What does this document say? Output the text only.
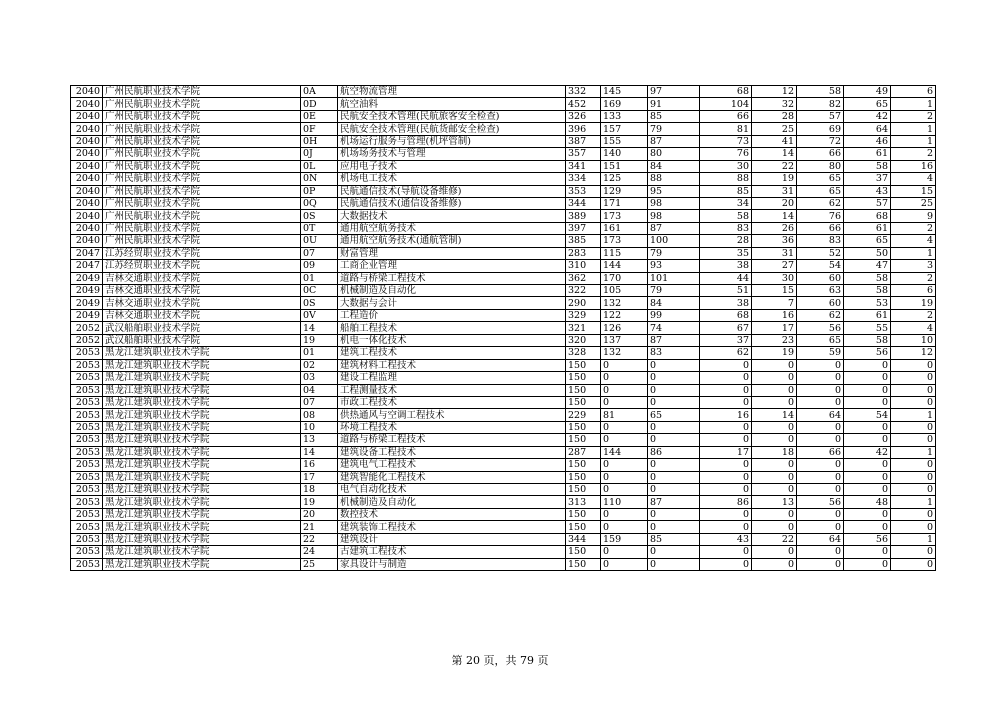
2040	广州民航职业技术学院	0A	航空物流管理	332	145	97	68	12	58	49	6
2040	广州民航职业技术学院	0D	航空油料	452	169	91	104	32	82	65	1
2040	广州民航职业技术学院	0E	民航安全技术管理(民航旅客安全检查)	326	133	85	66	28	57	42	2
2040	广州民航职业技术学院	0F	民航安全技术管理(民航货邮安全检查)	396	157	79	81	25	69	64	1
2040	广州民航职业技术学院	0H	机场运行服务与管理(机坪管制)	387	155	87	73	41	72	46	1
2040	广州民航职业技术学院	0J	机场场务技术与管理	357	140	80	76	14	66	61	2
2040	广州民航职业技术学院	0L	应用电子技术	341	151	84	30	22	80	58	16
2040	广州民航职业技术学院	0N	机场电工技术	334	125	88	88	19	65	37	4
2040	广州民航职业技术学院	0P	民航通信技术(导航设备维修)	353	129	95	85	31	65	43	15
2040	广州民航职业技术学院	0Q	民航通信技术(通信设备维修)	344	171	98	34	20	62	57	25
2040	广州民航职业技术学院	0S	大数据技术	389	173	98	58	14	76	68	9
2040	广州民航职业技术学院	0T	通用航空航务技术	397	161	87	83	26	66	61	2
2040	广州民航职业技术学院	0U	通用航空航务技术(通航管制)	385	173	100	28	36	83	65	4
2047	江苏经贸职业技术学院	07	财富管理	283	115	79	35	31	52	50	1
2047	江苏经贸职业技术学院	09	工商企业管理	310	144	93	38	27	54	47	3
2049	吉林交通职业技术学院	01	道路与桥梁工程技术	362	170	101	44	30	60	58	2
2049	吉林交通职业技术学院	0C	机械制造及自动化	322	105	79	51	15	63	58	6
2049	吉林交通职业技术学院	0S	大数据与会计	290	132	84	38	7	60	53	19
2049	吉林交通职业技术学院	0V	工程造价	329	122	99	68	16	62	61	2
2052	武汉船舶职业技术学院	14	船舶工程技术	321	126	74	67	17	56	55	4
2052	武汉船舶职业技术学院	19	机电一体化技术	320	137	87	37	23	65	58	10
2053	黑龙江建筑职业技术学院	01	建筑工程技术	328	132	83	62	19	59	56	12
2053	黑龙江建筑职业技术学院	02	建筑材料工程技术	150	0	0	0	0	0	0	0
2053	黑龙江建筑职业技术学院	03	建设工程监理	150	0	0	0	0	0	0	0
2053	黑龙江建筑职业技术学院	04	工程测量技术	150	0	0	0	0	0	0	0
2053	黑龙江建筑职业技术学院	07	市政工程技术	150	0	0	0	0	0	0	0
2053	黑龙江建筑职业技术学院	08	供热通风与空调工程技术	229	81	65	16	14	64	54	1
2053	黑龙江建筑职业技术学院	10	环境工程技术	150	0	0	0	0	0	0	0
2053	黑龙江建筑职业技术学院	13	道路与桥梁工程技术	150	0	0	0	0	0	0	0
2053	黑龙江建筑职业技术学院	14	建筑设备工程技术	287	144	86	17	18	66	42	1
2053	黑龙江建筑职业技术学院	16	建筑电气工程技术	150	0	0	0	0	0	0	0
2053	黑龙江建筑职业技术学院	17	建筑智能化工程技术	150	0	0	0	0	0	0	0
2053	黑龙江建筑职业技术学院	18	电气自动化技术	150	0	0	0	0	0	0	0
2053	黑龙江建筑职业技术学院	19	机械制造及自动化	313	110	87	86	13	56	48	1
2053	黑龙江建筑职业技术学院	20	数控技术	150	0	0	0	0	0	0	0
2053	黑龙江建筑职业技术学院	21	建筑装饰工程技术	150	0	0	0	0	0	0	0
2053	黑龙江建筑职业技术学院	22	建筑设计	344	159	85	43	22	64	56	1
2053	黑龙江建筑职业技术学院	24	古建筑工程技术	150	0	0	0	0	0	0	0
2053	黑龙江建筑职业技术学院	25	家具设计与制造	150	0	0	0	0	0	0	0
第 20 页，共 79 页
